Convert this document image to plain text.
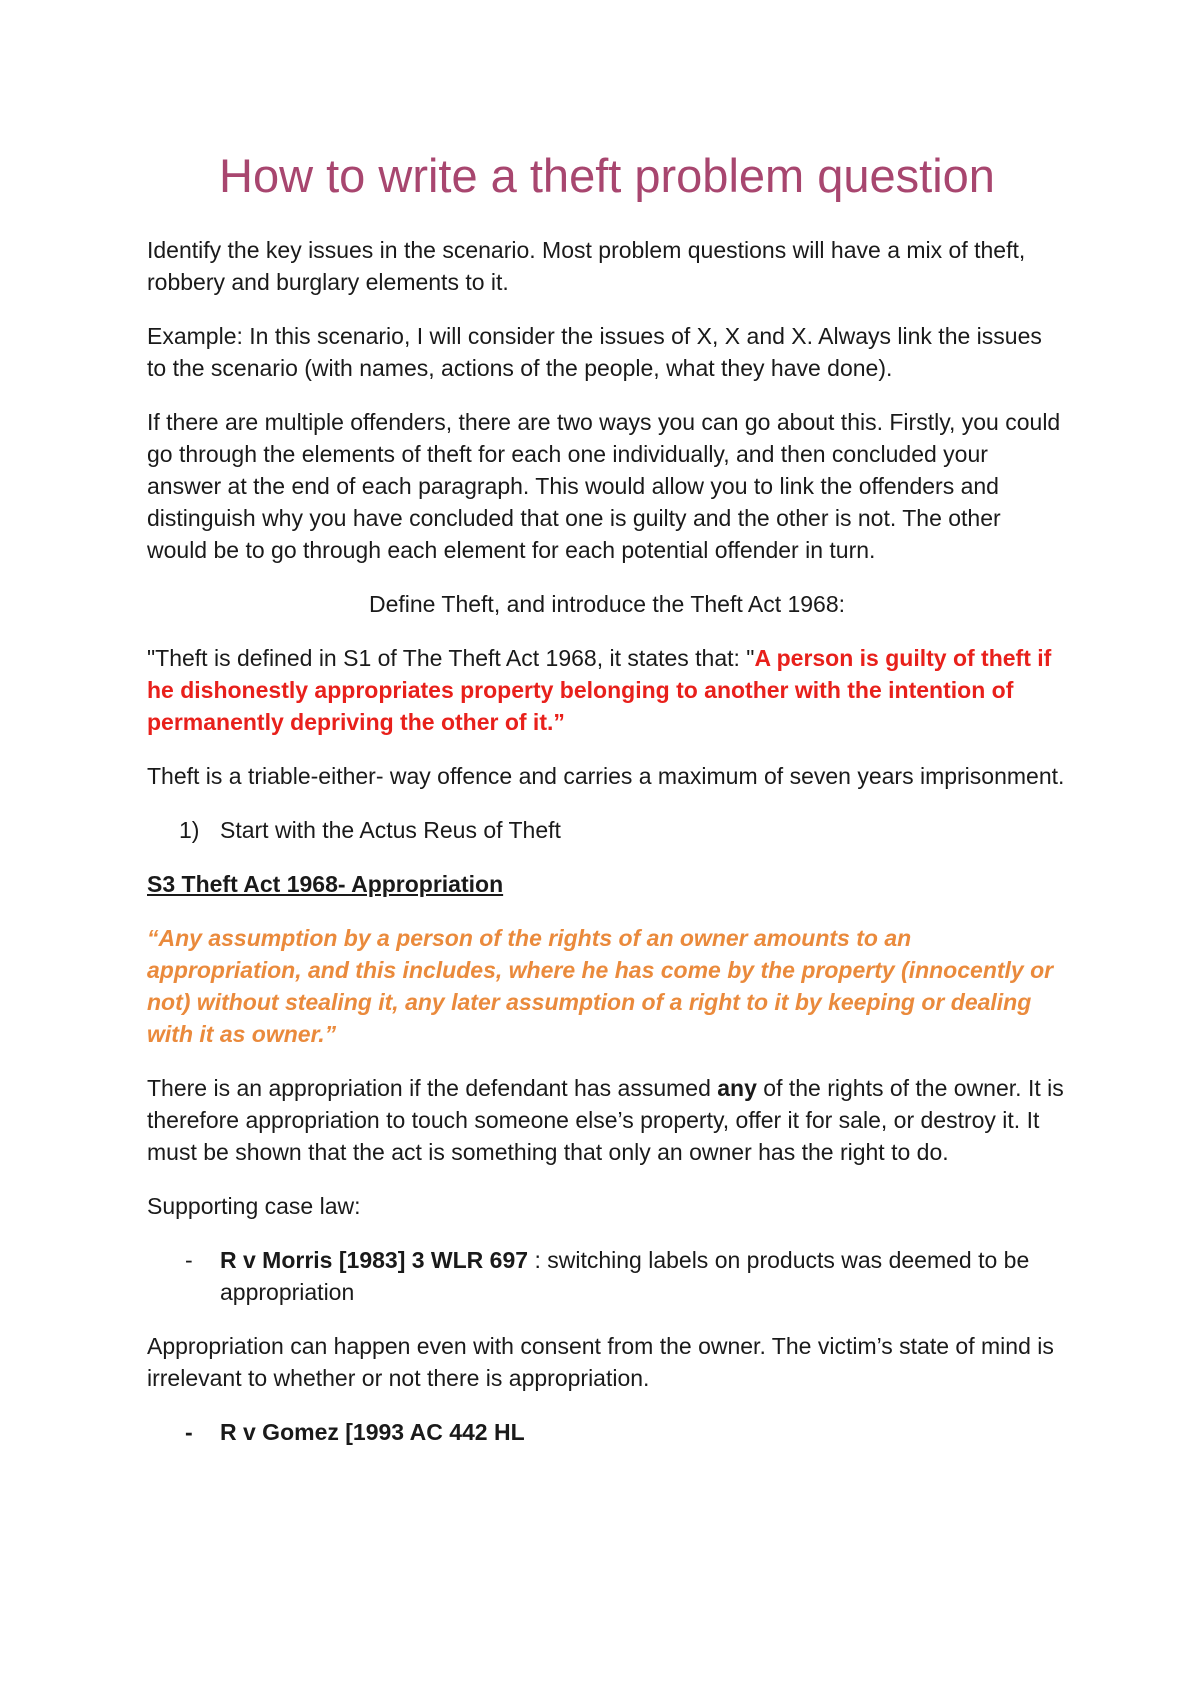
How to write a theft problem question

Identify the key issues in the scenario. Most problem questions will have a mix of theft, robbery and burglary elements to it.

Example: In this scenario, I will consider the issues of X, X and X. Always link the issues to the scenario (with names, actions of the people, what they have done).

If there are multiple offenders, there are two ways you can go about this. Firstly, you could go through the elements of theft for each one individually, and then concluded your answer at the end of each paragraph. This would allow you to link the offenders and distinguish why you have concluded that one is guilty and the other is not. The other would be to go through each element for each potential offender in turn.

Define Theft, and introduce the Theft Act 1968:

"Theft is defined in S1 of The Theft Act 1968, it states that: "A person is guilty of theft if he dishonestly appropriates property belonging to another with the intention of permanently depriving the other of it.”

Theft is a triable-either- way offence and carries a maximum of seven years imprisonment.

1) Start with the Actus Reus of Theft

S3 Theft Act 1968- Appropriation

“Any assumption by a person of the rights of an owner amounts to an appropriation, and this includes, where he has come by the property (innocently or not) without stealing it, any later assumption of a right to it by keeping or dealing with it as owner.”

There is an appropriation if the defendant has assumed any of the rights of the owner. It is therefore appropriation to touch someone else’s property, offer it for sale, or destroy it. It must be shown that the act is something that only an owner has the right to do.

Supporting case law:

- R v Morris [1983] 3 WLR 697 : switching labels on products was deemed to be appropriation

Appropriation can happen even with consent from the owner. The victim’s state of mind is irrelevant to whether or not there is appropriation.

- R v Gomez [1993 AC 442 HL
